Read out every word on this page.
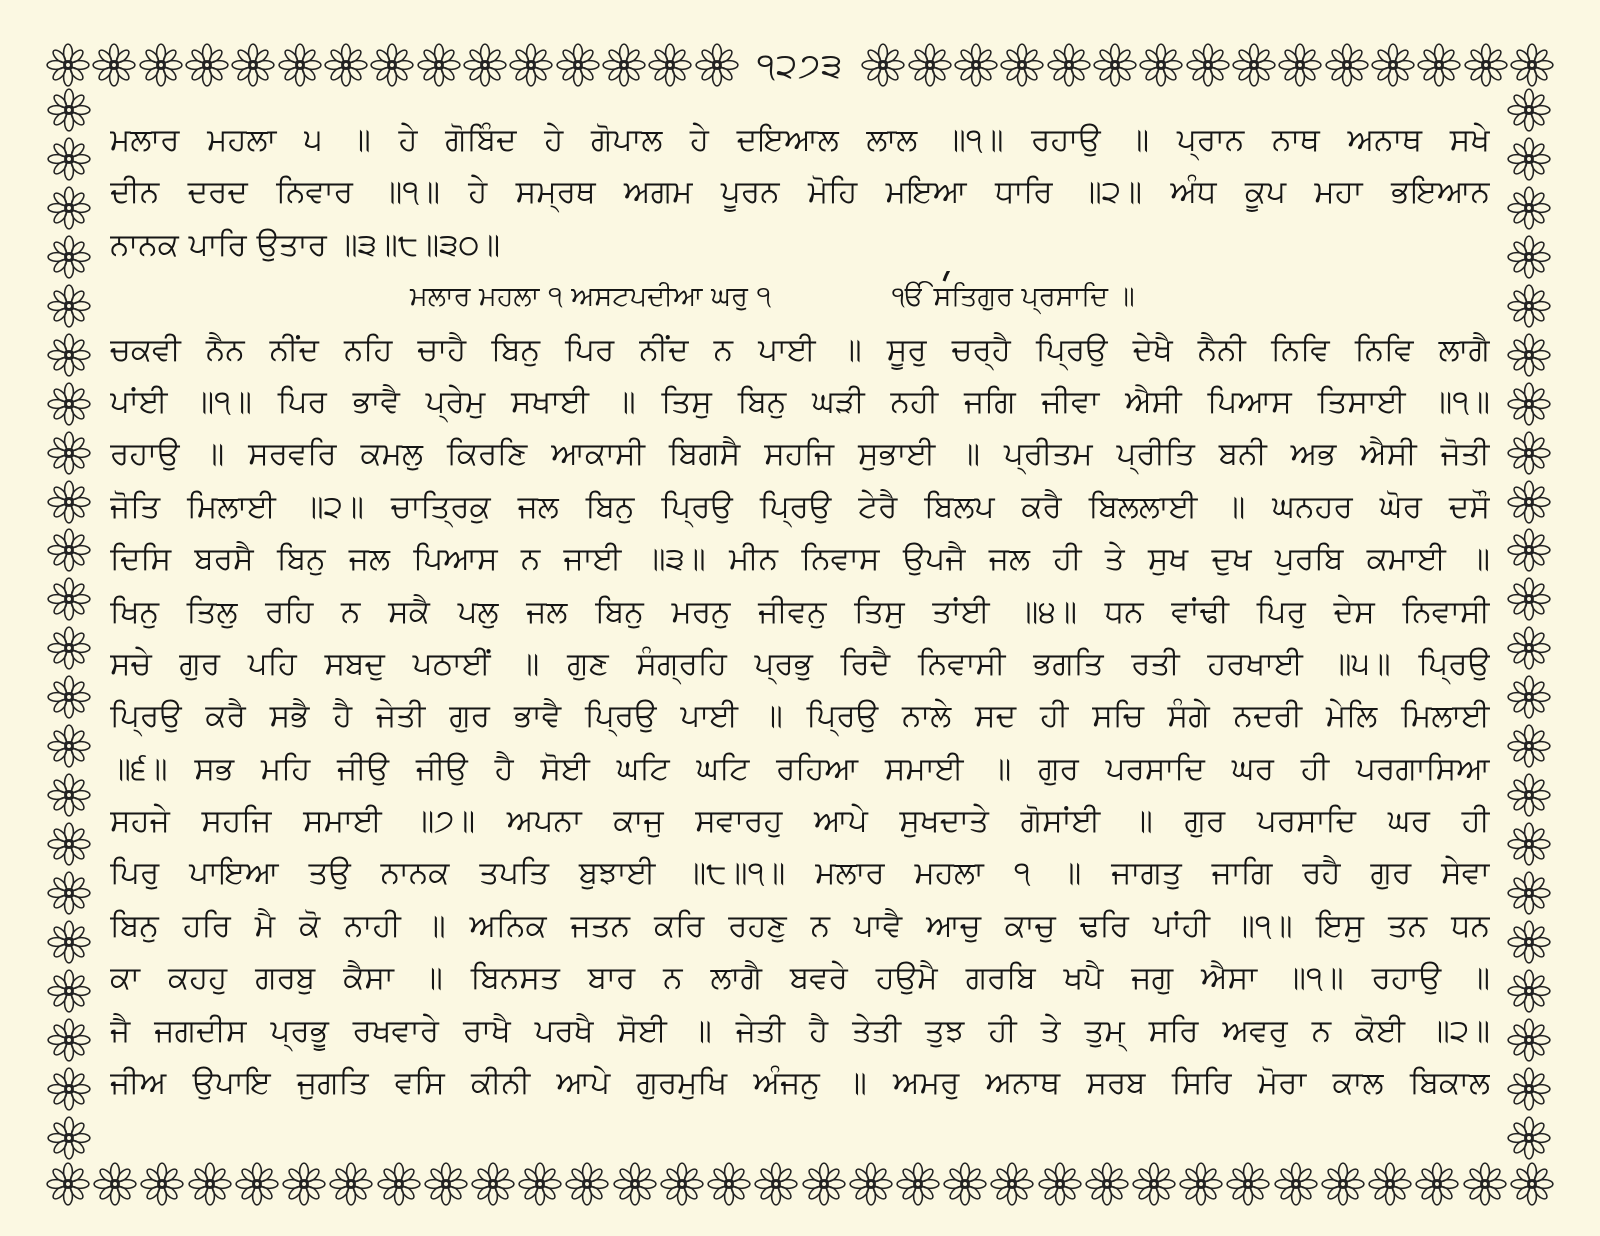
੧੨੭੩
ਮਲਾਰ ਮਹਲਾ ੫ ॥ ਹੇ ਗੋਬਿੰਦ ਹੇ ਗੋਪਾਲ ਹੇ ਦਇਆਲ ਲਾਲ ॥੧॥ ਰਹਾਉ ॥ ਪ੍ਰਾਨ ਨਾਥ ਅਨਾਥ ਸਖੇ
ਦੀਨ ਦਰਦ ਨਿਵਾਰ ॥੧॥ ਹੇ ਸਮ੍ਰਥ ਅਗਮ ਪੂਰਨ ਮੋਹਿ ਮਇਆ ਧਾਰਿ ॥੨॥ ਅੰਧ ਕੂਪ ਮਹਾ ਭਇਆਨ
ਨਾਨਕ ਪਾਰਿ ਉਤਾਰ ॥੩॥੮॥੩੦॥
ਮਲਾਰ ਮਹਲਾ ੧ ਅਸਟਪਦੀਆ ਘਰੁ ੧	ੴ ਸਤਿਗੁਰ ਪ੍ਰਸਾਦਿ ॥
ਚਕਵੀ ਨੈਨ ਨੀਂਦ ਨਹਿ ਚਾਹੈ ਬਿਨੁ ਪਿਰ ਨੀਂਦ ਨ ਪਾਈ ॥ ਸੂਰੁ ਚਰ੍ਹੈ ਪ੍ਰਿਉ ਦੇਖੈ ਨੈਨੀ ਨਿਵਿ ਨਿਵਿ ਲਾਗੈ
ਪਾਂਈ ॥੧॥ ਪਿਰ ਭਾਵੈ ਪ੍ਰੇਮੁ ਸਖਾਈ ॥ ਤਿਸੁ ਬਿਨੁ ਘੜੀ ਨਹੀ ਜਗਿ ਜੀਵਾ ਐਸੀ ਪਿਆਸ ਤਿਸਾਈ ॥੧॥
ਰਹਾਉ ॥ ਸਰਵਰਿ ਕਮਲੁ ਕਿਰਣਿ ਆਕਾਸੀ ਬਿਗਸੈ ਸਹਜਿ ਸੁਭਾਈ ॥ ਪ੍ਰੀਤਮ ਪ੍ਰੀਤਿ ਬਨੀ ਅਭ ਐਸੀ ਜੋਤੀ
ਜੋਤਿ ਮਿਲਾਈ ॥੨॥ ਚਾਤ੍ਰਿਕੁ ਜਲ ਬਿਨੁ ਪ੍ਰਿਉ ਪ੍ਰਿਉ ਟੇਰੈ ਬਿਲਪ ਕਰੈ ਬਿਲਲਾਈ ॥ ਘਨਹਰ ਘੋਰ ਦਸੌ
ਦਿਸਿ ਬਰਸੈ ਬਿਨੁ ਜਲ ਪਿਆਸ ਨ ਜਾਈ ॥੩॥ ਮੀਨ ਨਿਵਾਸ ਉਪਜੈ ਜਲ ਹੀ ਤੇ ਸੁਖ ਦੁਖ ਪੁਰਬਿ ਕਮਾਈ ॥
ਖਿਨੁ ਤਿਲੁ ਰਹਿ ਨ ਸਕੈ ਪਲੁ ਜਲ ਬਿਨੁ ਮਰਨੁ ਜੀਵਨੁ ਤਿਸੁ ਤਾਂਈ ॥੪॥ ਧਨ ਵਾਂਢੀ ਪਿਰੁ ਦੇਸ ਨਿਵਾਸੀ
ਸਚੇ ਗੁਰ ਪਹਿ ਸਬਦੁ ਪਠਾਈਂ ॥ ਗੁਣ ਸੰਗ੍ਰਹਿ ਪ੍ਰਭੁ ਰਿਦੈ ਨਿਵਾਸੀ ਭਗਤਿ ਰਤੀ ਹਰਖਾਈ ॥੫॥ ਪ੍ਰਿਉ
ਪ੍ਰਿਉ ਕਰੈ ਸਭੈ ਹੈ ਜੇਤੀ ਗੁਰ ਭਾਵੈ ਪ੍ਰਿਉ ਪਾਈ ॥ ਪ੍ਰਿਉ ਨਾਲੇ ਸਦ ਹੀ ਸਚਿ ਸੰਗੇ ਨਦਰੀ ਮੇਲਿ ਮਿਲਾਈ
॥੬॥ ਸਭ ਮਹਿ ਜੀਉ ਜੀਉ ਹੈ ਸੋਈ ਘਟਿ ਘਟਿ ਰਹਿਆ ਸਮਾਈ ॥ ਗੁਰ ਪਰਸਾਦਿ ਘਰ ਹੀ ਪਰਗਾਸਿਆ
ਸਹਜੇ ਸਹਜਿ ਸਮਾਈ ॥੭॥ ਅਪਨਾ ਕਾਜੁ ਸਵਾਰਹੁ ਆਪੇ ਸੁਖਦਾਤੇ ਗੋਸਾਂਈ ॥ ਗੁਰ ਪਰਸਾਦਿ ਘਰ ਹੀ
ਪਿਰੁ ਪਾਇਆ ਤਉ ਨਾਨਕ ਤਪਤਿ ਬੁਝਾਈ ॥੮॥੧॥ ਮਲਾਰ ਮਹਲਾ ੧ ॥ ਜਾਗਤੁ ਜਾਗਿ ਰਹੈ ਗੁਰ ਸੇਵਾ
ਬਿਨੁ ਹਰਿ ਮੈ ਕੋ ਨਾਹੀ ॥ ਅਨਿਕ ਜਤਨ ਕਰਿ ਰਹਣੁ ਨ ਪਾਵੈ ਆਚੁ ਕਾਚੁ ਢਰਿ ਪਾਂਹੀ ॥੧॥ ਇਸੁ ਤਨ ਧਨ
ਕਾ ਕਹਹੁ ਗਰਬੁ ਕੈਸਾ ॥ ਬਿਨਸਤ ਬਾਰ ਨ ਲਾਗੈ ਬਵਰੇ ਹਉਮੈ ਗਰਬਿ ਖਪੈ ਜਗੁ ਐਸਾ ॥੧॥ ਰਹਾਉ ॥
ਜੈ ਜਗਦੀਸ ਪ੍ਰਭੂ ਰਖਵਾਰੇ ਰਾਖੈ ਪਰਖੈ ਸੋਈ ॥ ਜੇਤੀ ਹੈ ਤੇਤੀ ਤੁਝ ਹੀ ਤੇ ਤੁਮ੍ ਸਰਿ ਅਵਰੁ ਨ ਕੋਈ ॥੨॥
ਜੀਅ ਉਪਾਇ ਜੁਗਤਿ ਵਸਿ ਕੀਨੀ ਆਪੇ ਗੁਰਮੁਖਿ ਅੰਜਨੁ ॥ ਅਮਰੁ ਅਨਾਥ ਸਰਬ ਸਿਰਿ ਮੋਰਾ ਕਾਲ ਬਿਕਾਲ
